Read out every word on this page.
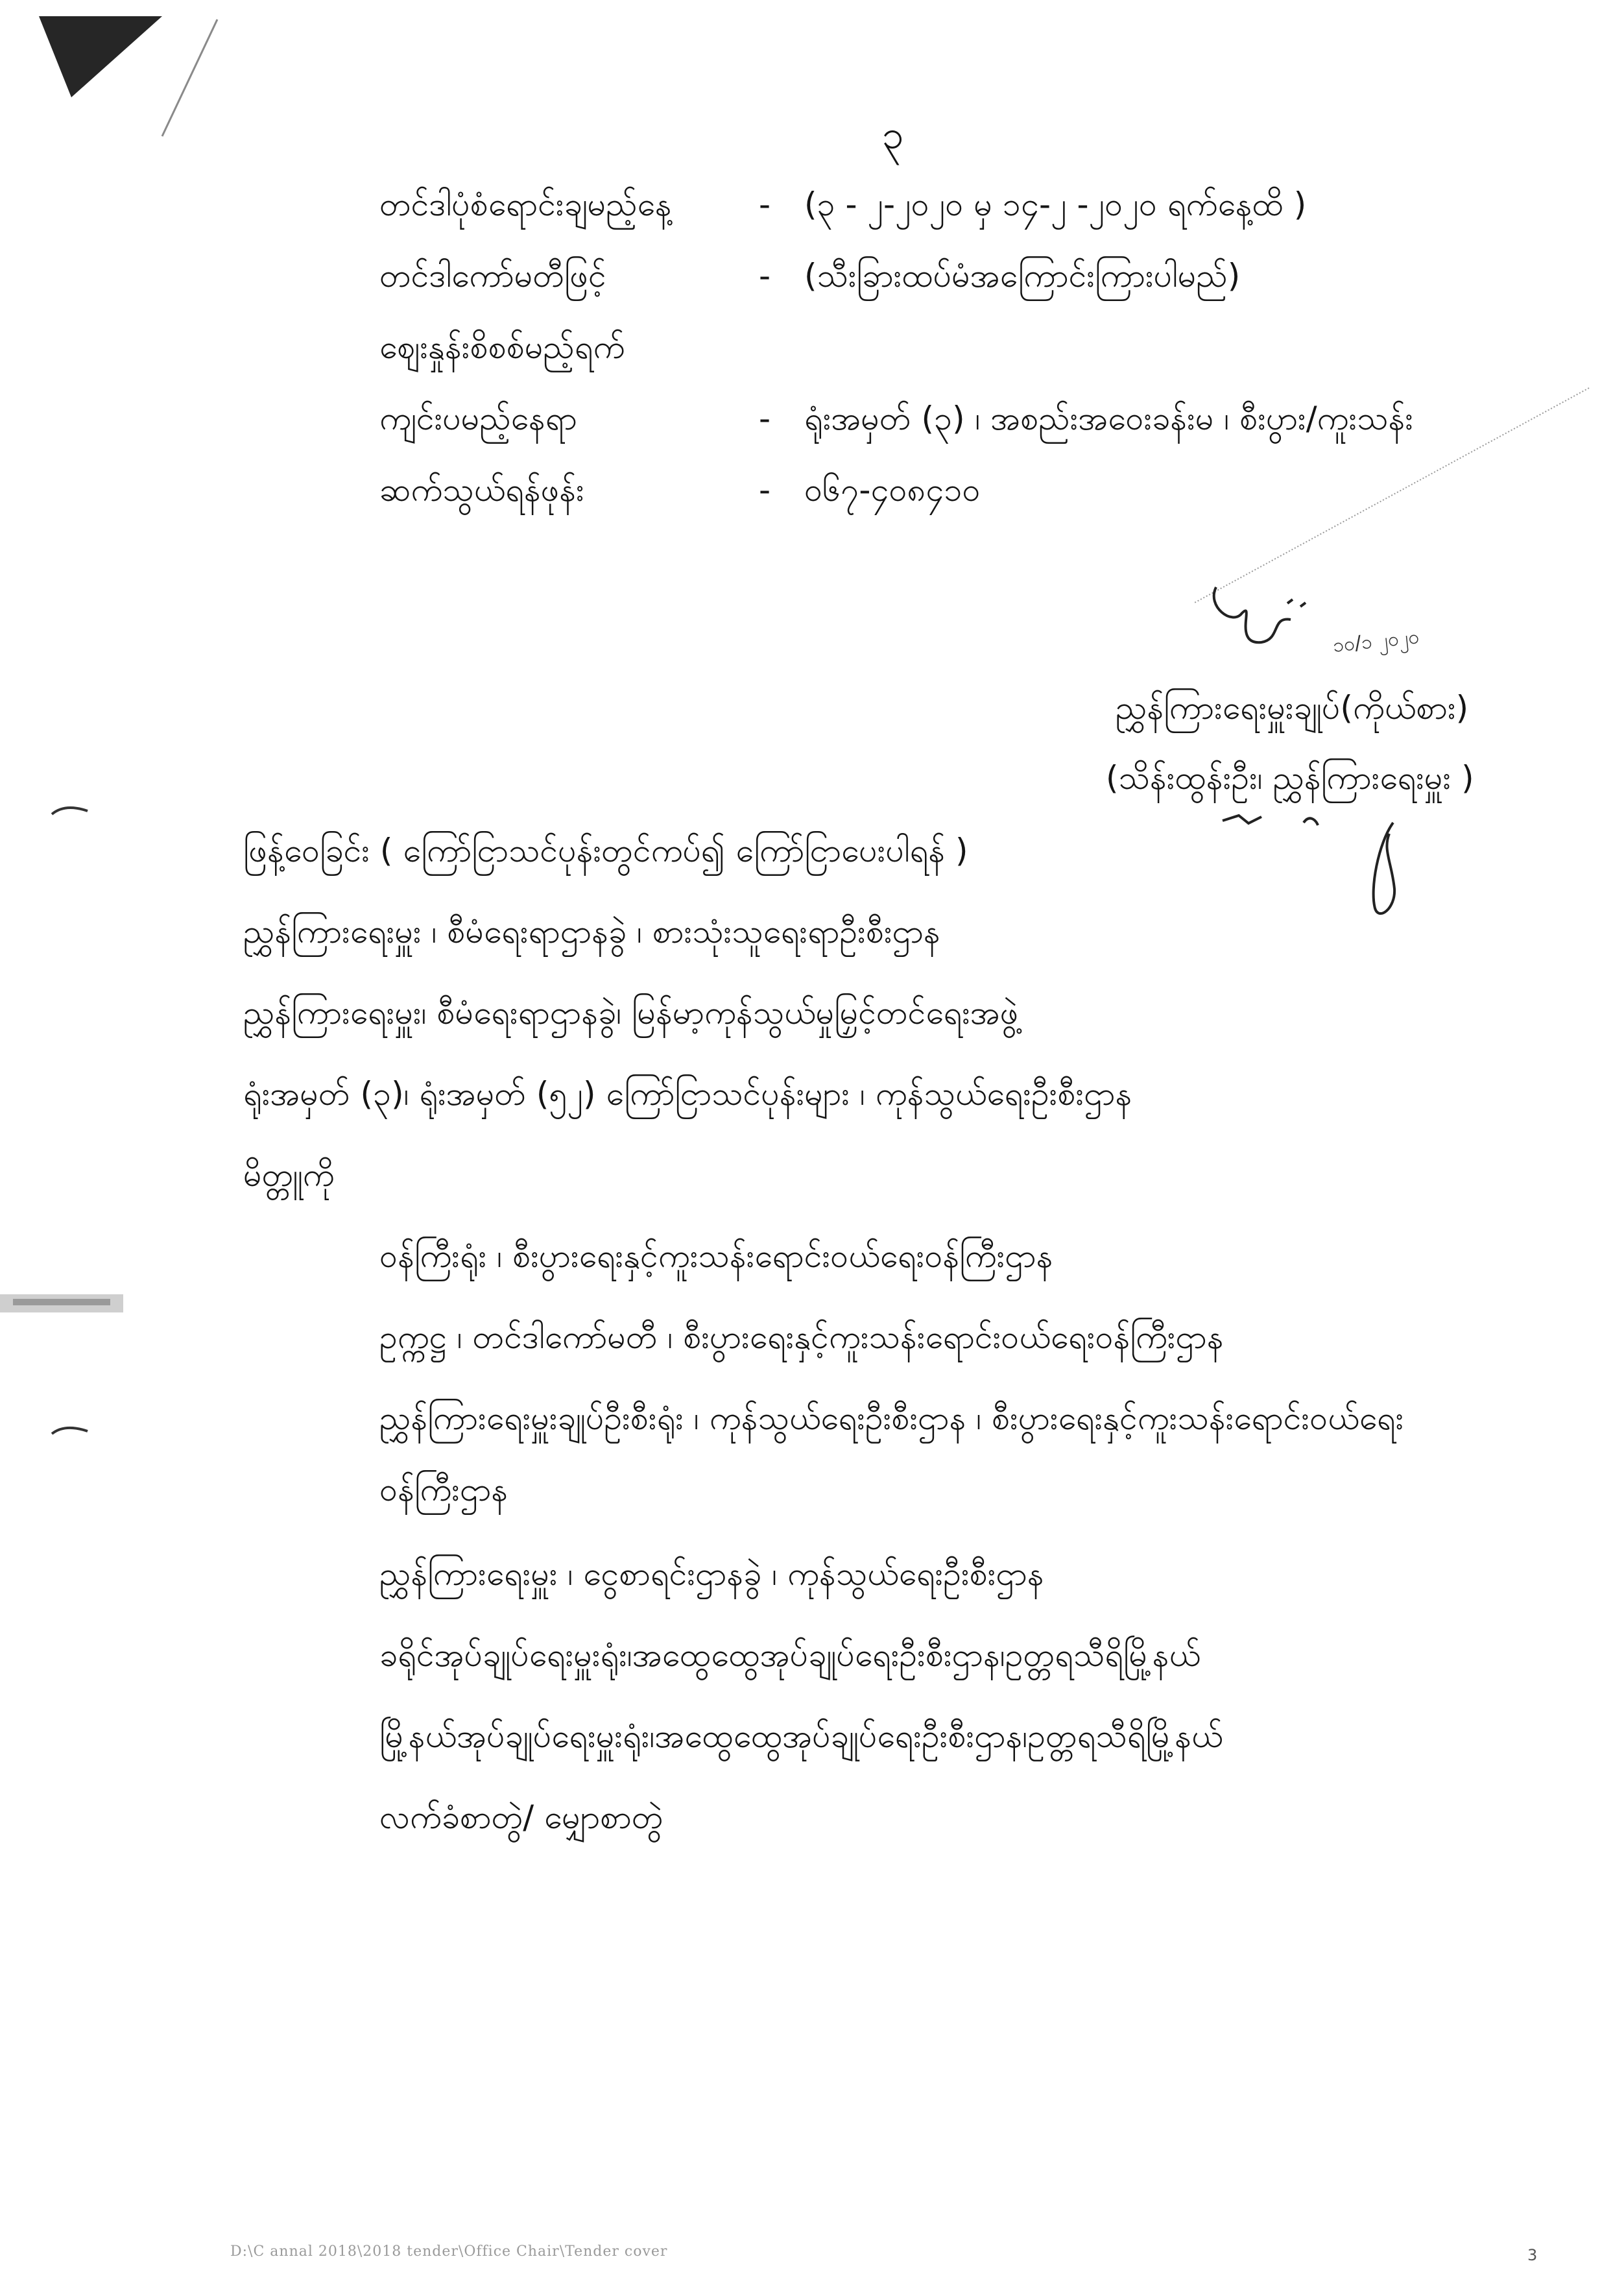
၃
တင်ဒါပုံစံရောင်းချမည့်နေ့	- (၃ - ၂-၂၀၂၀ မှ ၁၄-၂ -၂၀၂၀ ရက်နေ့ထိ )
တင်ဒါကော်မတီဖြင့်	- (သီးခြားထပ်မံအကြောင်းကြားပါမည်)
ဈေးနှုန်းစိစစ်မည့်ရက်
ကျင်းပမည့်နေရာ	- ရုံးအမှတ် (၃) ၊ အစည်းအဝေးခန်းမ ၊ စီးပွား/ကူးသန်း
ဆက်သွယ်ရန်ဖုန်း	- ၀၆၇-၄၀၈၄၁၀
၁၀/၁ ၂၀၂၀
ညွှန်ကြားရေးမှူးချုပ်(ကိုယ်စား)
(သိန်းထွန်းဦး၊ ညွှန်ကြားရေးမှူး )
ဖြန့်ဝေခြင်း ( ကြော်ငြာသင်ပုန်းတွင်ကပ်၍ ကြော်ငြာပေးပါရန် )
ညွှန်ကြားရေးမှူး ၊ စီမံရေးရာဌာနခွဲ ၊ စားသုံးသူရေးရာဦးစီးဌာန
ညွှန်ကြားရေးမှူး၊ စီမံရေးရာဌာနခွဲ၊ မြန်မာ့ကုန်သွယ်မှုမြှင့်တင်ရေးအဖွဲ့
ရုံးအမှတ် (၃)၊ ရုံးအမှတ် (၅၂) ကြော်ငြာသင်ပုန်းများ ၊ ကုန်သွယ်ရေးဦးစီးဌာန
မိတ္တူကို
ဝန်ကြီးရုံး ၊ စီးပွားရေးနှင့်ကူးသန်းရောင်းဝယ်ရေးဝန်ကြီးဌာန
ဥက္ကဋ္ဌ ၊ တင်ဒါကော်မတီ ၊ စီးပွားရေးနှင့်ကူးသန်းရောင်းဝယ်ရေးဝန်ကြီးဌာန
ညွှန်ကြားရေးမှူးချုပ်ဦးစီးရုံး ၊ ကုန်သွယ်ရေးဦးစီးဌာန ၊ စီးပွားရေးနှင့်ကူးသန်းရောင်းဝယ်ရေး
ဝန်ကြီးဌာန
ညွှန်ကြားရေးမှူး ၊ ငွေစာရင်းဌာနခွဲ ၊ ကုန်သွယ်ရေးဦးစီးဌာန
ခရိုင်အုပ်ချုပ်ရေးမှူးရုံး၊အထွေထွေအုပ်ချုပ်ရေးဦးစီးဌာန၊ဥတ္တရသီရိမြို့နယ်
မြို့နယ်အုပ်ချုပ်ရေးမှူးရုံး၊အထွေထွေအုပ်ချုပ်ရေးဦးစီးဌာန၊ဥတ္တရသီရိမြို့နယ်
လက်ခံစာတွဲ/ မျှောစာတွဲ
D:\C annal 2018\2018 tender\Office Chair\Tender cover	3
